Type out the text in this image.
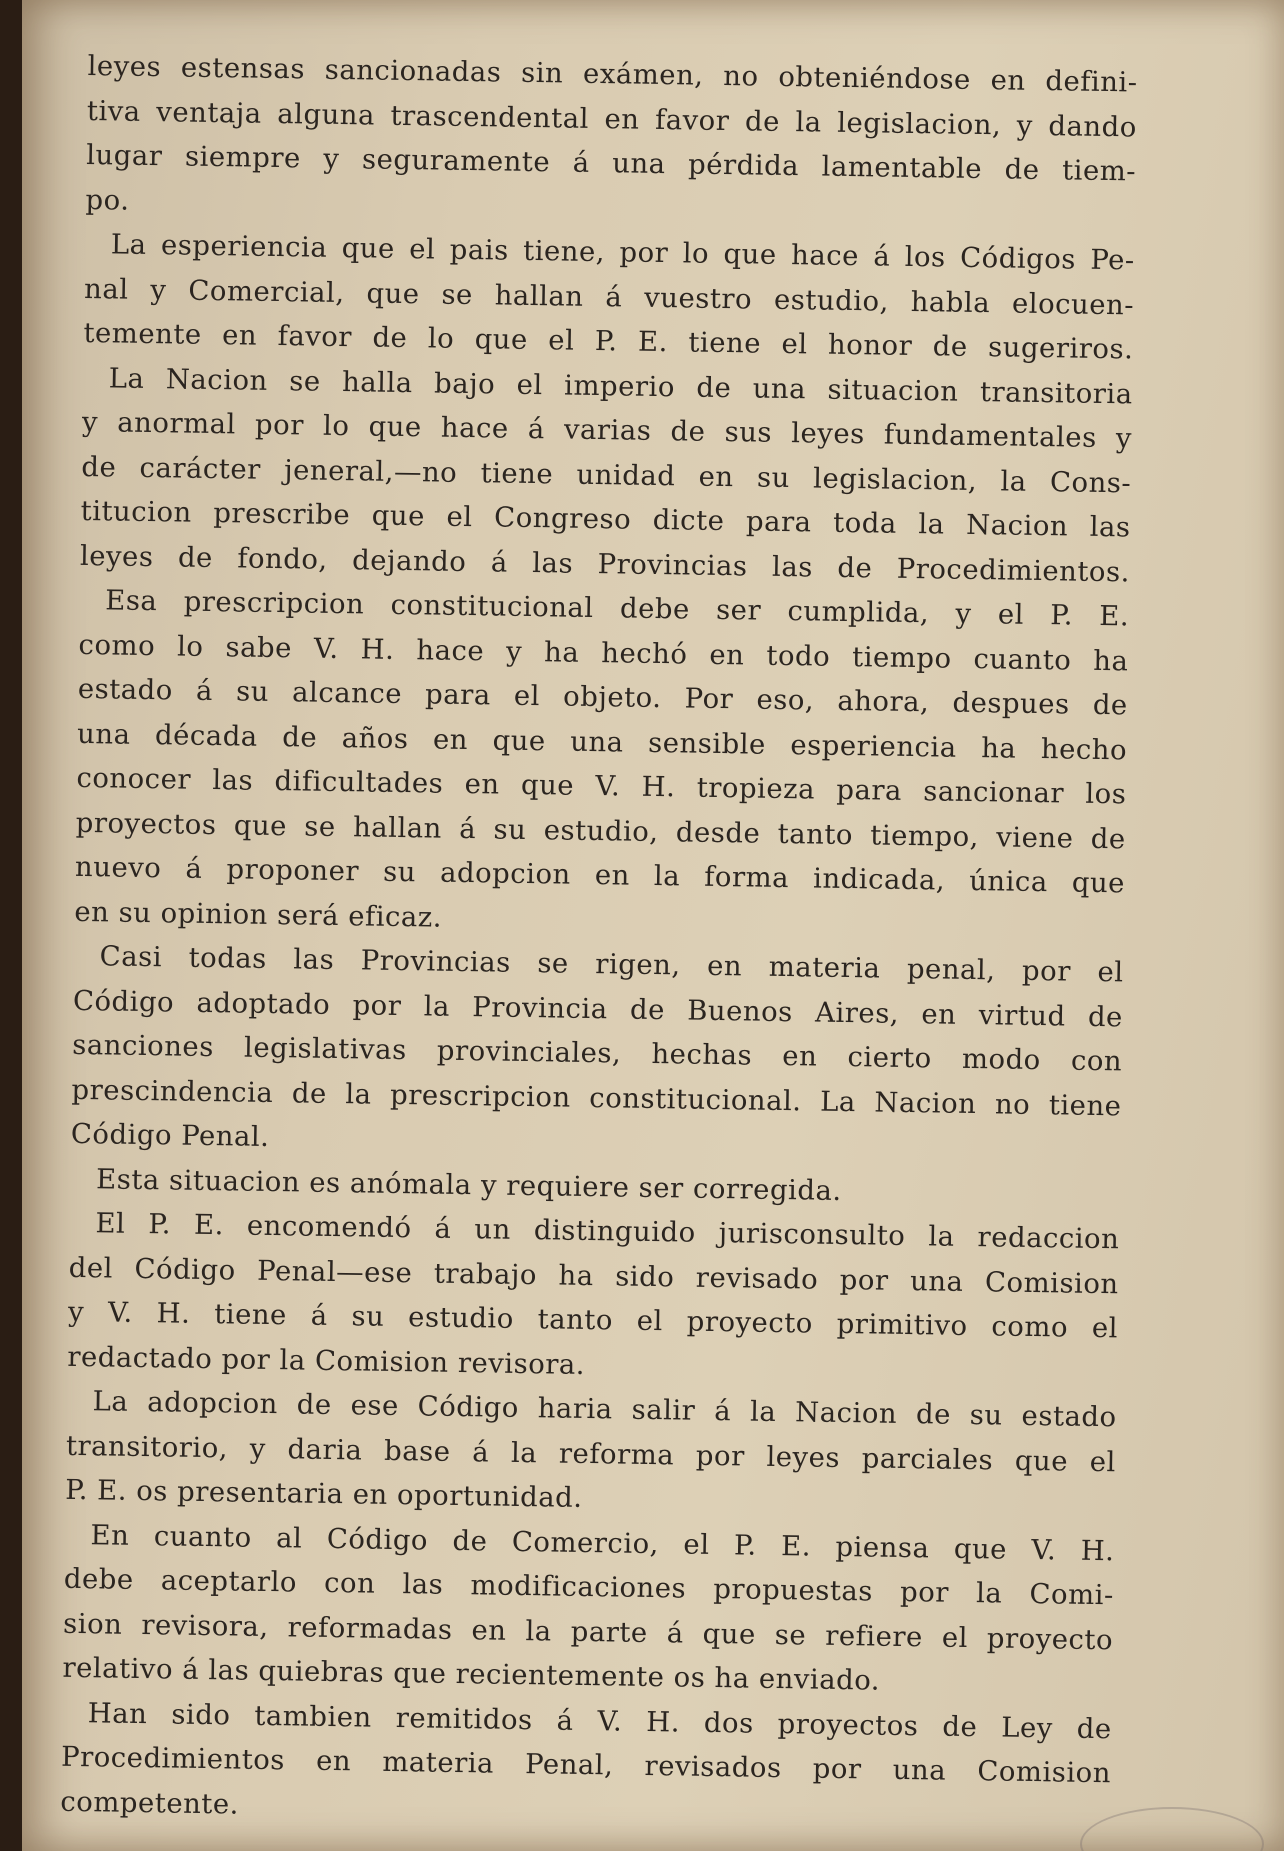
leyes estensas sancionadas sin exámen, no obteniéndose en defini-
tiva ventaja alguna trascendental en favor de la legislacion, y dando
lugar siempre y seguramente á una pérdida lamentable de tiem-
po.
La esperiencia que el pais tiene, por lo que hace á los Códigos Pe-
nal y Comercial, que se hallan á vuestro estudio, habla elocuen-
temente en favor de lo que el P. E. tiene el honor de sugeriros.
La Nacion se halla bajo el imperio de una situacion transitoria
y anormal por lo que hace á varias de sus leyes fundamentales y
de carácter jeneral,—no tiene unidad en su legislacion, la Cons-
titucion prescribe que el Congreso dicte para toda la Nacion las
leyes de fondo, dejando á las Provincias las de Procedimientos.
Esa prescripcion constitucional debe ser cumplida, y el P. E.
como lo sabe V. H. hace y ha hechó en todo tiempo cuanto ha
estado á su alcance para el objeto. Por eso, ahora, despues de
una década de años en que una sensible esperiencia ha hecho
conocer las dificultades en que V. H. tropieza para sancionar los
proyectos que se hallan á su estudio, desde tanto tiempo, viene de
nuevo á proponer su adopcion en la forma indicada, única que
en su opinion será eficaz.
Casi todas las Provincias se rigen, en materia penal, por el
Código adoptado por la Provincia de Buenos Aires, en virtud de
sanciones legislativas provinciales, hechas en cierto modo con
prescindencia de la prescripcion constitucional. La Nacion no tiene
Código Penal.
Esta situacion es anómala y requiere ser corregida.
El P. E. encomendó á un distinguido jurisconsulto la redaccion
del Código Penal—ese trabajo ha sido revisado por una Comision
y V. H. tiene á su estudio tanto el proyecto primitivo como el
redactado por la Comision revisora.
La adopcion de ese Código haria salir á la Nacion de su estado
transitorio, y daria base á la reforma por leyes parciales que el
P. E. os presentaria en oportunidad.
En cuanto al Código de Comercio, el P. E. piensa que V. H.
debe aceptarlo con las modificaciones propuestas por la Comi-
sion revisora, reformadas en la parte á que se refiere el proyecto
relativo á las quiebras que recientemente os ha enviado.
Han sido tambien remitidos á V. H. dos proyectos de Ley de
Procedimientos en materia Penal, revisados por una Comision
competente.
